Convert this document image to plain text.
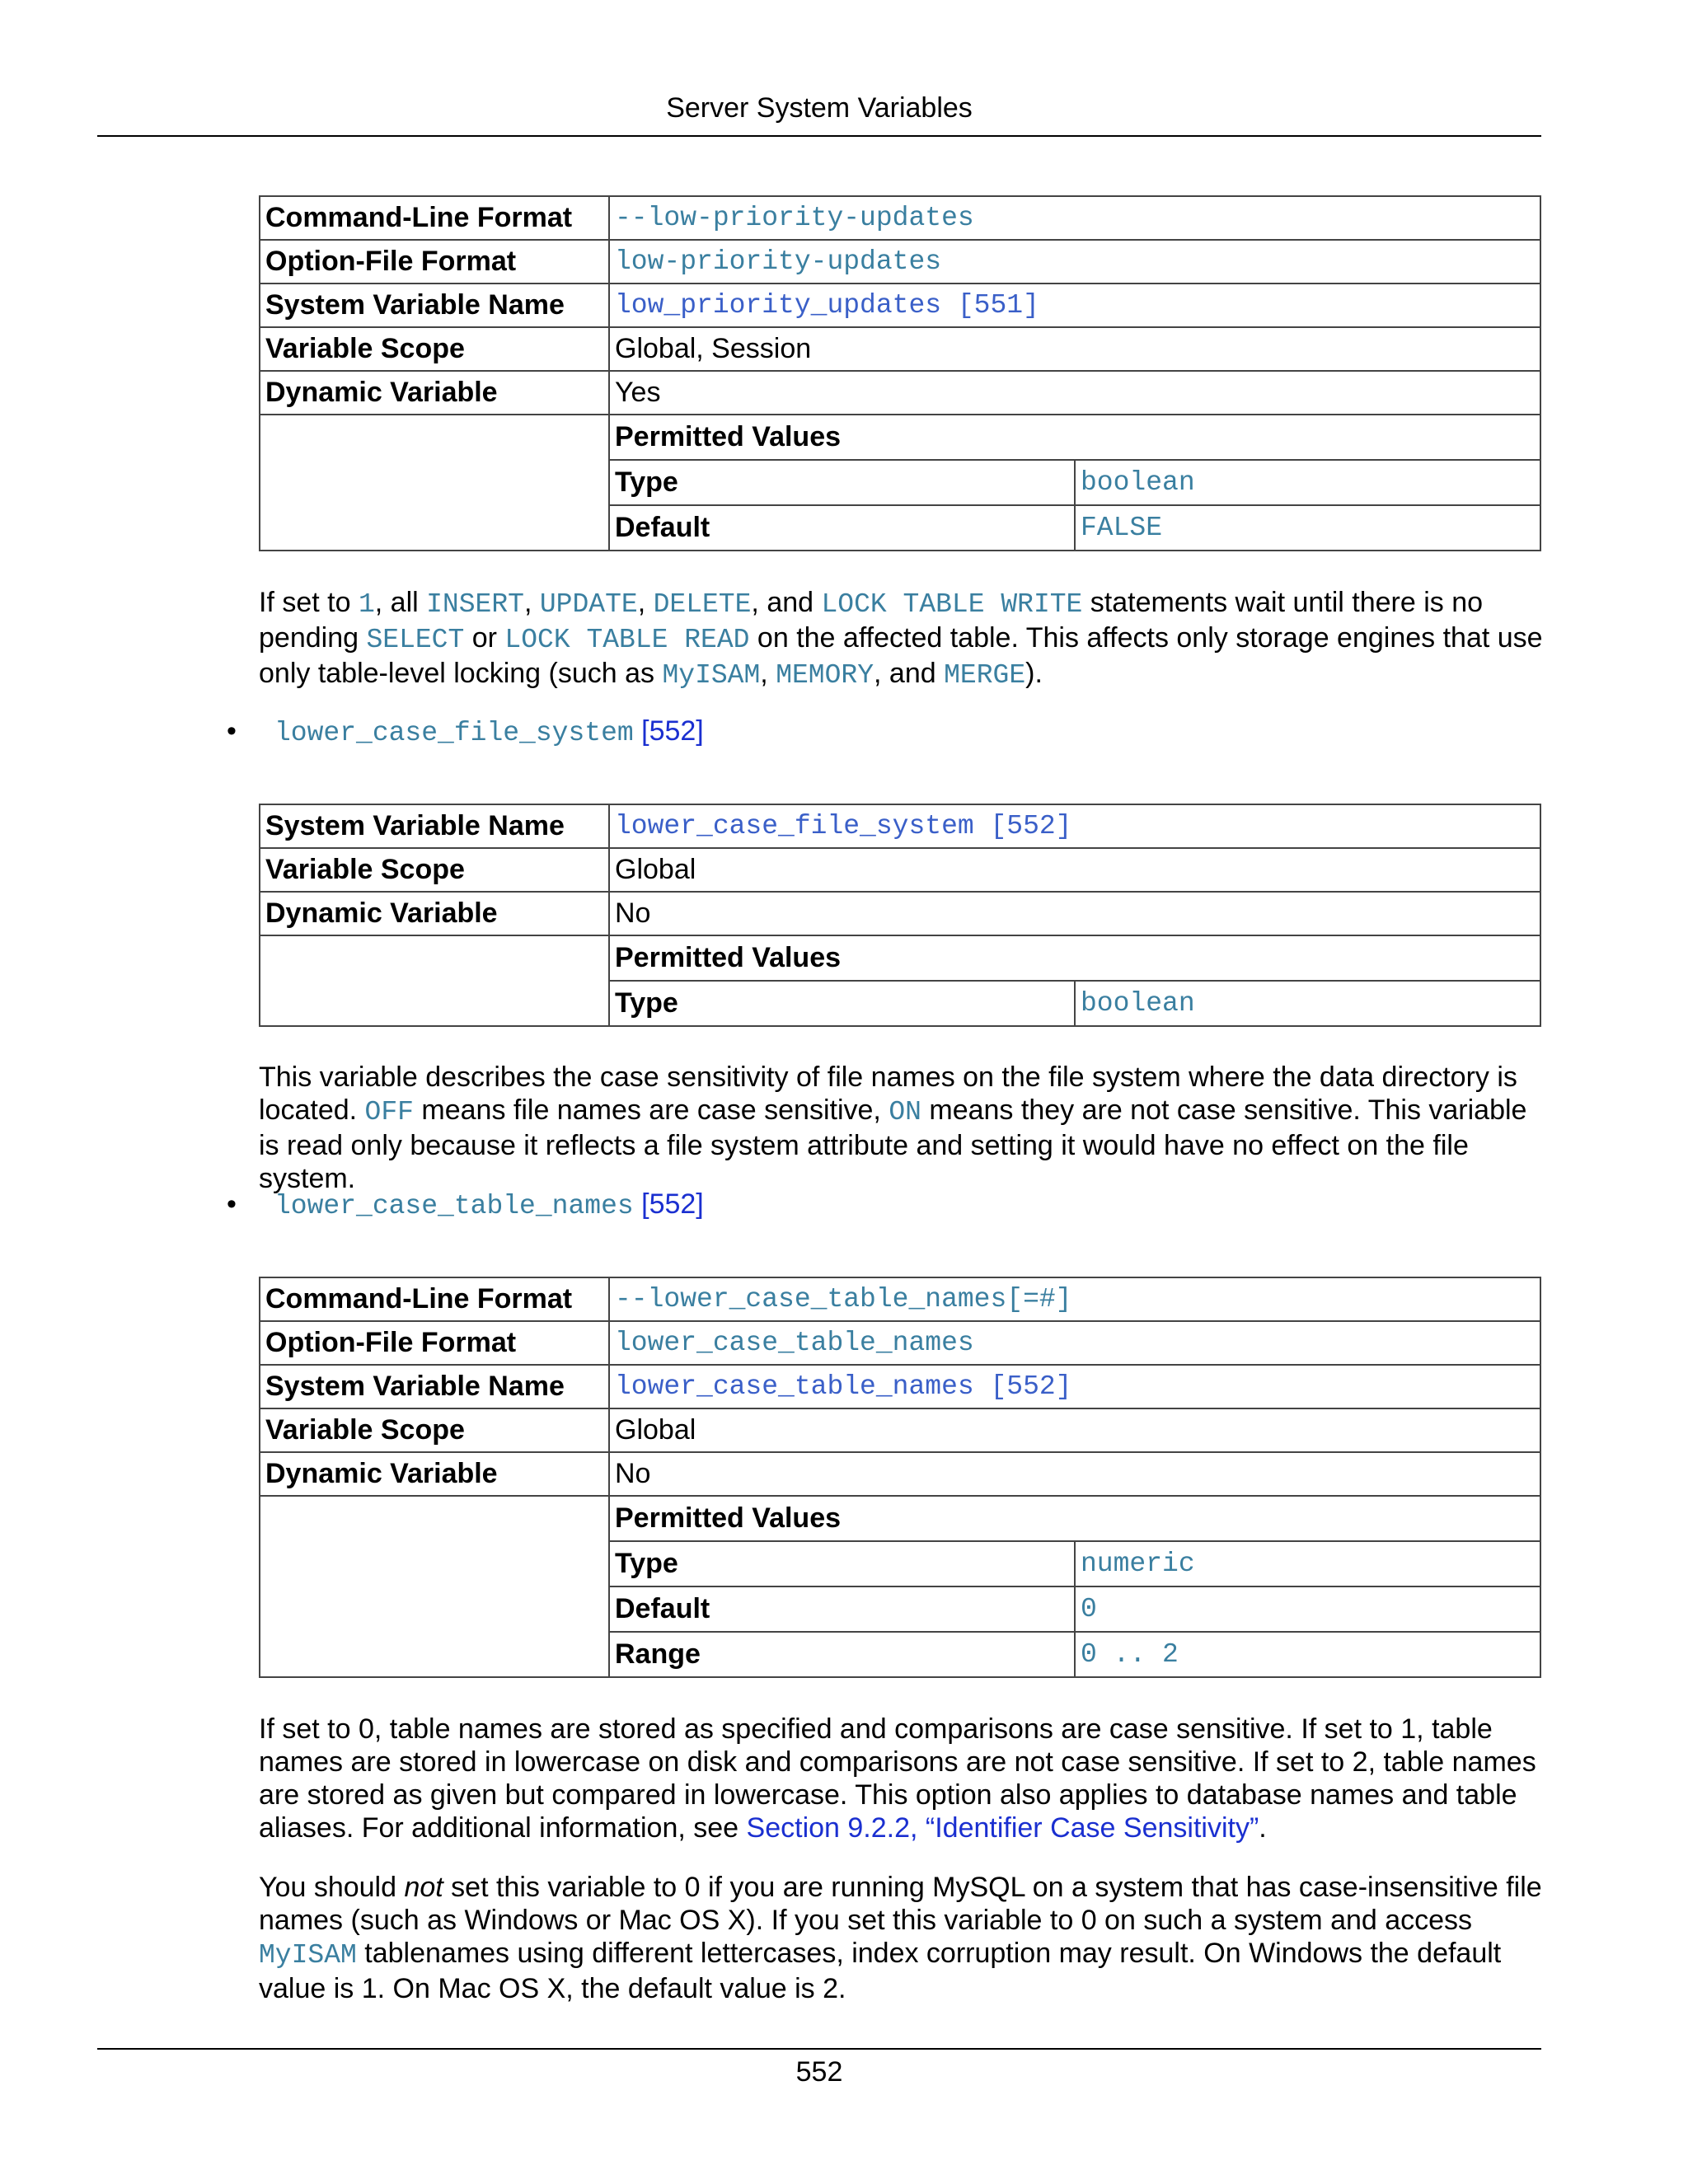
Server System Variables
Command-Line Format	--low-priority-updates
Option-File Format	low-priority-updates
System Variable Name	low_priority_updates [551]
Variable Scope	Global, Session
Dynamic Variable	Yes

Permitted Values
Type	boolean
Default	FALSE
If set to 1, all INSERT, UPDATE, DELETE, and LOCK TABLE WRITE statements wait until there is no pending SELECT or LOCK TABLE READ on the affected table. This affects only storage engines that use only table-level locking (such as MyISAM, MEMORY, and MERGE).
• lower_case_file_system [552]
System Variable Name	lower_case_file_system [552]
Variable Scope	Global
Dynamic Variable	No

Permitted Values
Type	boolean
This variable describes the case sensitivity of file names on the file system where the data directory is located. OFF means file names are case sensitive, ON means they are not case sensitive. This variable is read only because it reflects a file system attribute and setting it would have no effect on the file system.
• lower_case_table_names [552]
Command-Line Format	--lower_case_table_names[=#]
Option-File Format	lower_case_table_names
System Variable Name	lower_case_table_names [552]
Variable Scope	Global
Dynamic Variable	No

Permitted Values
Type	numeric
Default	0
Range	0 .. 2
If set to 0, table names are stored as specified and comparisons are case sensitive. If set to 1, table names are stored in lowercase on disk and comparisons are not case sensitive. If set to 2, table names are stored as given but compared in lowercase. This option also applies to database names and table aliases. For additional information, see Section 9.2.2, “Identifier Case Sensitivity”.
You should not set this variable to 0 if you are running MySQL on a system that has case-insensitive file names (such as Windows or Mac OS X). If you set this variable to 0 on such a system and access MyISAM tablenames using different lettercases, index corruption may result. On Windows the default value is 1. On Mac OS X, the default value is 2.
552
